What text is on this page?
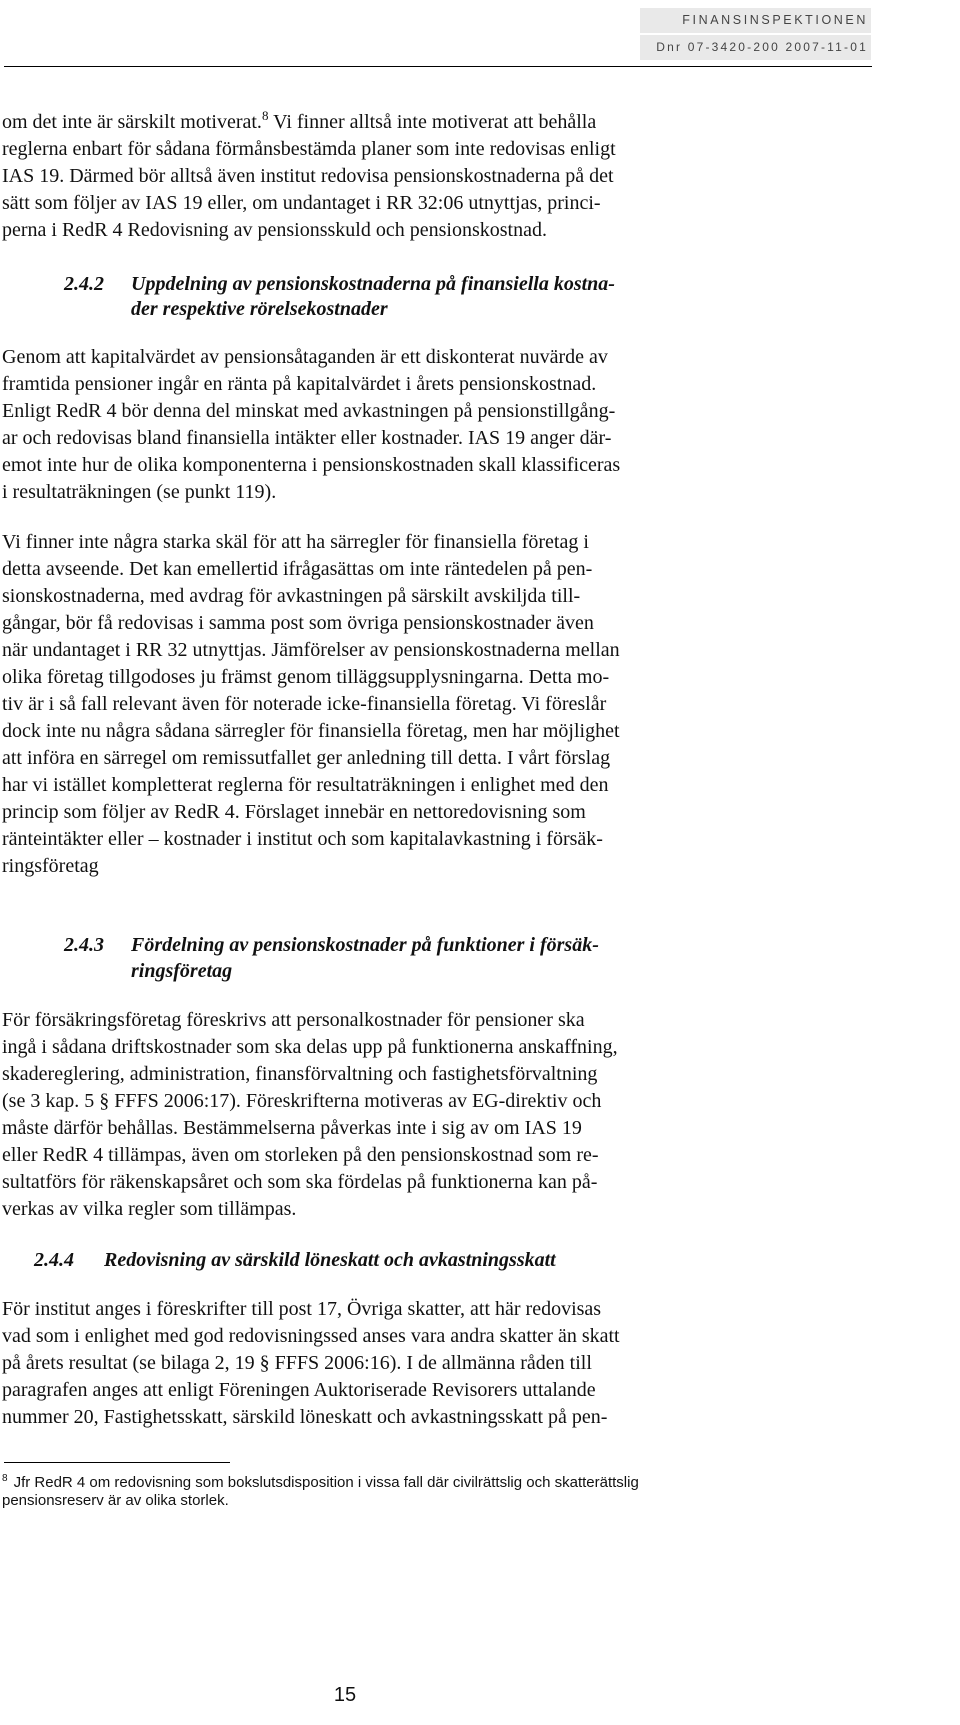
FINANSINSPEKTIONEN
Dnr 07-3420-200 2007-11-01
om det inte är särskilt motiverat.$^8$ Vi finner alltså inte motiverat att behålla
reglerna enbart för sådana förmånsbestämda planer som inte redovisas enligt
IAS 19. Därmed bör alltså även institut redovisa pensionskostnaderna på det
sätt som följer av IAS 19 eller, om undantaget i RR 32:06 utnyttjas, princi-
perna i RedR 4 Redovisning av pensionsskuld och pensionskostnad.
2.4.2 Uppdelning av pensionskostnaderna på finansiella kostna-
der respektive rörelsekostnader
Genom att kapitalvärdet av pensionsåtaganden är ett diskonterat nuvärde av
framtida pensioner ingår en ränta på kapitalvärdet i årets pensionskostnad.
Enligt RedR 4 bör denna del minskat med avkastningen på pensionstillgång-
ar och redovisas bland finansiella intäkter eller kostnader. IAS 19 anger där-
emot inte hur de olika komponenterna i pensionskostnaden skall klassificeras
i resultaträkningen (se punkt 119).
Vi finner inte några starka skäl för att ha särregler för finansiella företag i
detta avseende. Det kan emellertid ifrågasättas om inte räntedelen på pen-
sionskostnaderna, med avdrag för avkastningen på särskilt avskiljda till-
gångar, bör få redovisas i samma post som övriga pensionskostnader även
när undantaget i RR 32 utnyttjas. Jämförelser av pensionskostnaderna mellan
olika företag tillgodoses ju främst genom tilläggsupplysningarna. Detta mo-
tiv är i så fall relevant även för noterade icke-finansiella företag. Vi föreslår
dock inte nu några sådana särregler för finansiella företag, men har möjlighet
att införa en särregel om remissutfallet ger anledning till detta. I vårt förslag
har vi istället kompletterat reglerna för resultaträkningen i enlighet med den
princip som följer av RedR 4. Förslaget innebär en nettoredovisning som
ränteintäkter eller – kostnader i institut och som kapitalavkastning i försäk-
ringsföretag
2.4.3 Fördelning av pensionskostnader på funktioner i försäk-
ringsföretag
För försäkringsföretag föreskrivs att personalkostnader för pensioner ska
ingå i sådana driftskostnader som ska delas upp på funktionerna anskaffning,
skadereglering, administration, finansförvaltning och fastighetsförvaltning
(se 3 kap. 5 § FFFS 2006:17). Föreskrifterna motiveras av EG-direktiv och
måste därför behållas. Bestämmelserna påverkas inte i sig av om IAS 19
eller RedR 4 tillämpas, även om storleken på den pensionskostnad som re-
sultatförs för räkenskapsåret och som ska fördelas på funktionerna kan på-
verkas av vilka regler som tillämpas.
2.4.4 Redovisning av särskild löneskatt och avkastningsskatt
För institut anges i föreskrifter till post 17, Övriga skatter, att här redovisas
vad som i enlighet med god redovisningssed anses vara andra skatter än skatt
på årets resultat (se bilaga 2, 19 § FFFS 2006:16). I de allmänna råden till
paragrafen anges att enligt Föreningen Auktoriserade Revisorers uttalande
nummer 20, Fastighetsskatt, särskild löneskatt och avkastningsskatt på pen-
$^8$ Jfr RedR 4 om redovisning som bokslutsdisposition i vissa fall där civilrättslig och skatterättslig
pensionsreserv är av olika storlek.
15
